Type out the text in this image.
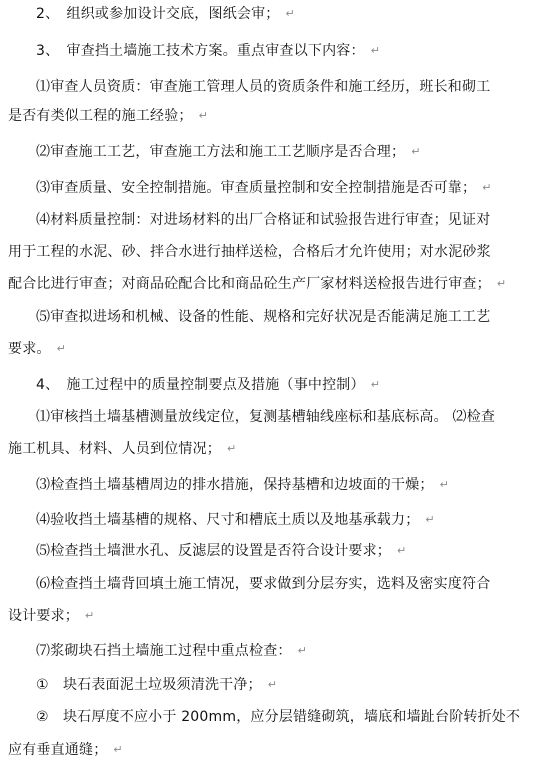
2、　组织或参加设计交底，图纸会审； ↵
3、　审查挡土墙施工技术方案。重点审查以下内容： ↵
⑴审查人员资质：审查施工管理人员的资质条件和施工经历，班长和砌工
是否有类似工程的施工经验； ↵
⑵审查施工工艺，审查施工方法和施工工艺顺序是否合理； ↵
⑶审查质量、安全控制措施。审查质量控制和安全控制措施是否可靠； ↵
⑷材料质量控制：对进场材料的出厂合格证和试验报告进行审查；见证对
用于工程的水泥、砂、拌合水进行抽样送检，合格后才允许使用；对水泥砂浆
配合比进行审查；对商品砼配合比和商品砼生产厂家材料送检报告进行审查； ↵
⑸审查拟进场和机械、设备的性能、规格和完好状况是否能满足施工工艺
要求。 ↵
4、　施工过程中的质量控制要点及措施（事中控制） ↵
⑴审核挡土墙基槽测量放线定位，复测基槽轴线座标和基底标高。 ⑵检查
施工机具、材料、人员到位情况； ↵
⑶检查挡土墙基槽周边的排水措施，保持基槽和边坡面的干燥； ↵
⑷验收挡土墙基槽的规格、尺寸和槽底土质以及地基承载力； ↵
⑸检查挡土墙泄水孔、反滤层的设置是否符合设计要求； ↵
⑹检查挡土墙背回填土施工情况，要求做到分层夯实，选料及密实度符合
设计要求； ↵
⑺浆砌块石挡土墙施工过程中重点检查： ↵
①　块石表面泥土垃圾须清洗干净； ↵
②　块石厚度不应小于 200mm，应分层错缝砌筑，墙底和墙趾台阶转折处不
应有垂直通缝； ↵
